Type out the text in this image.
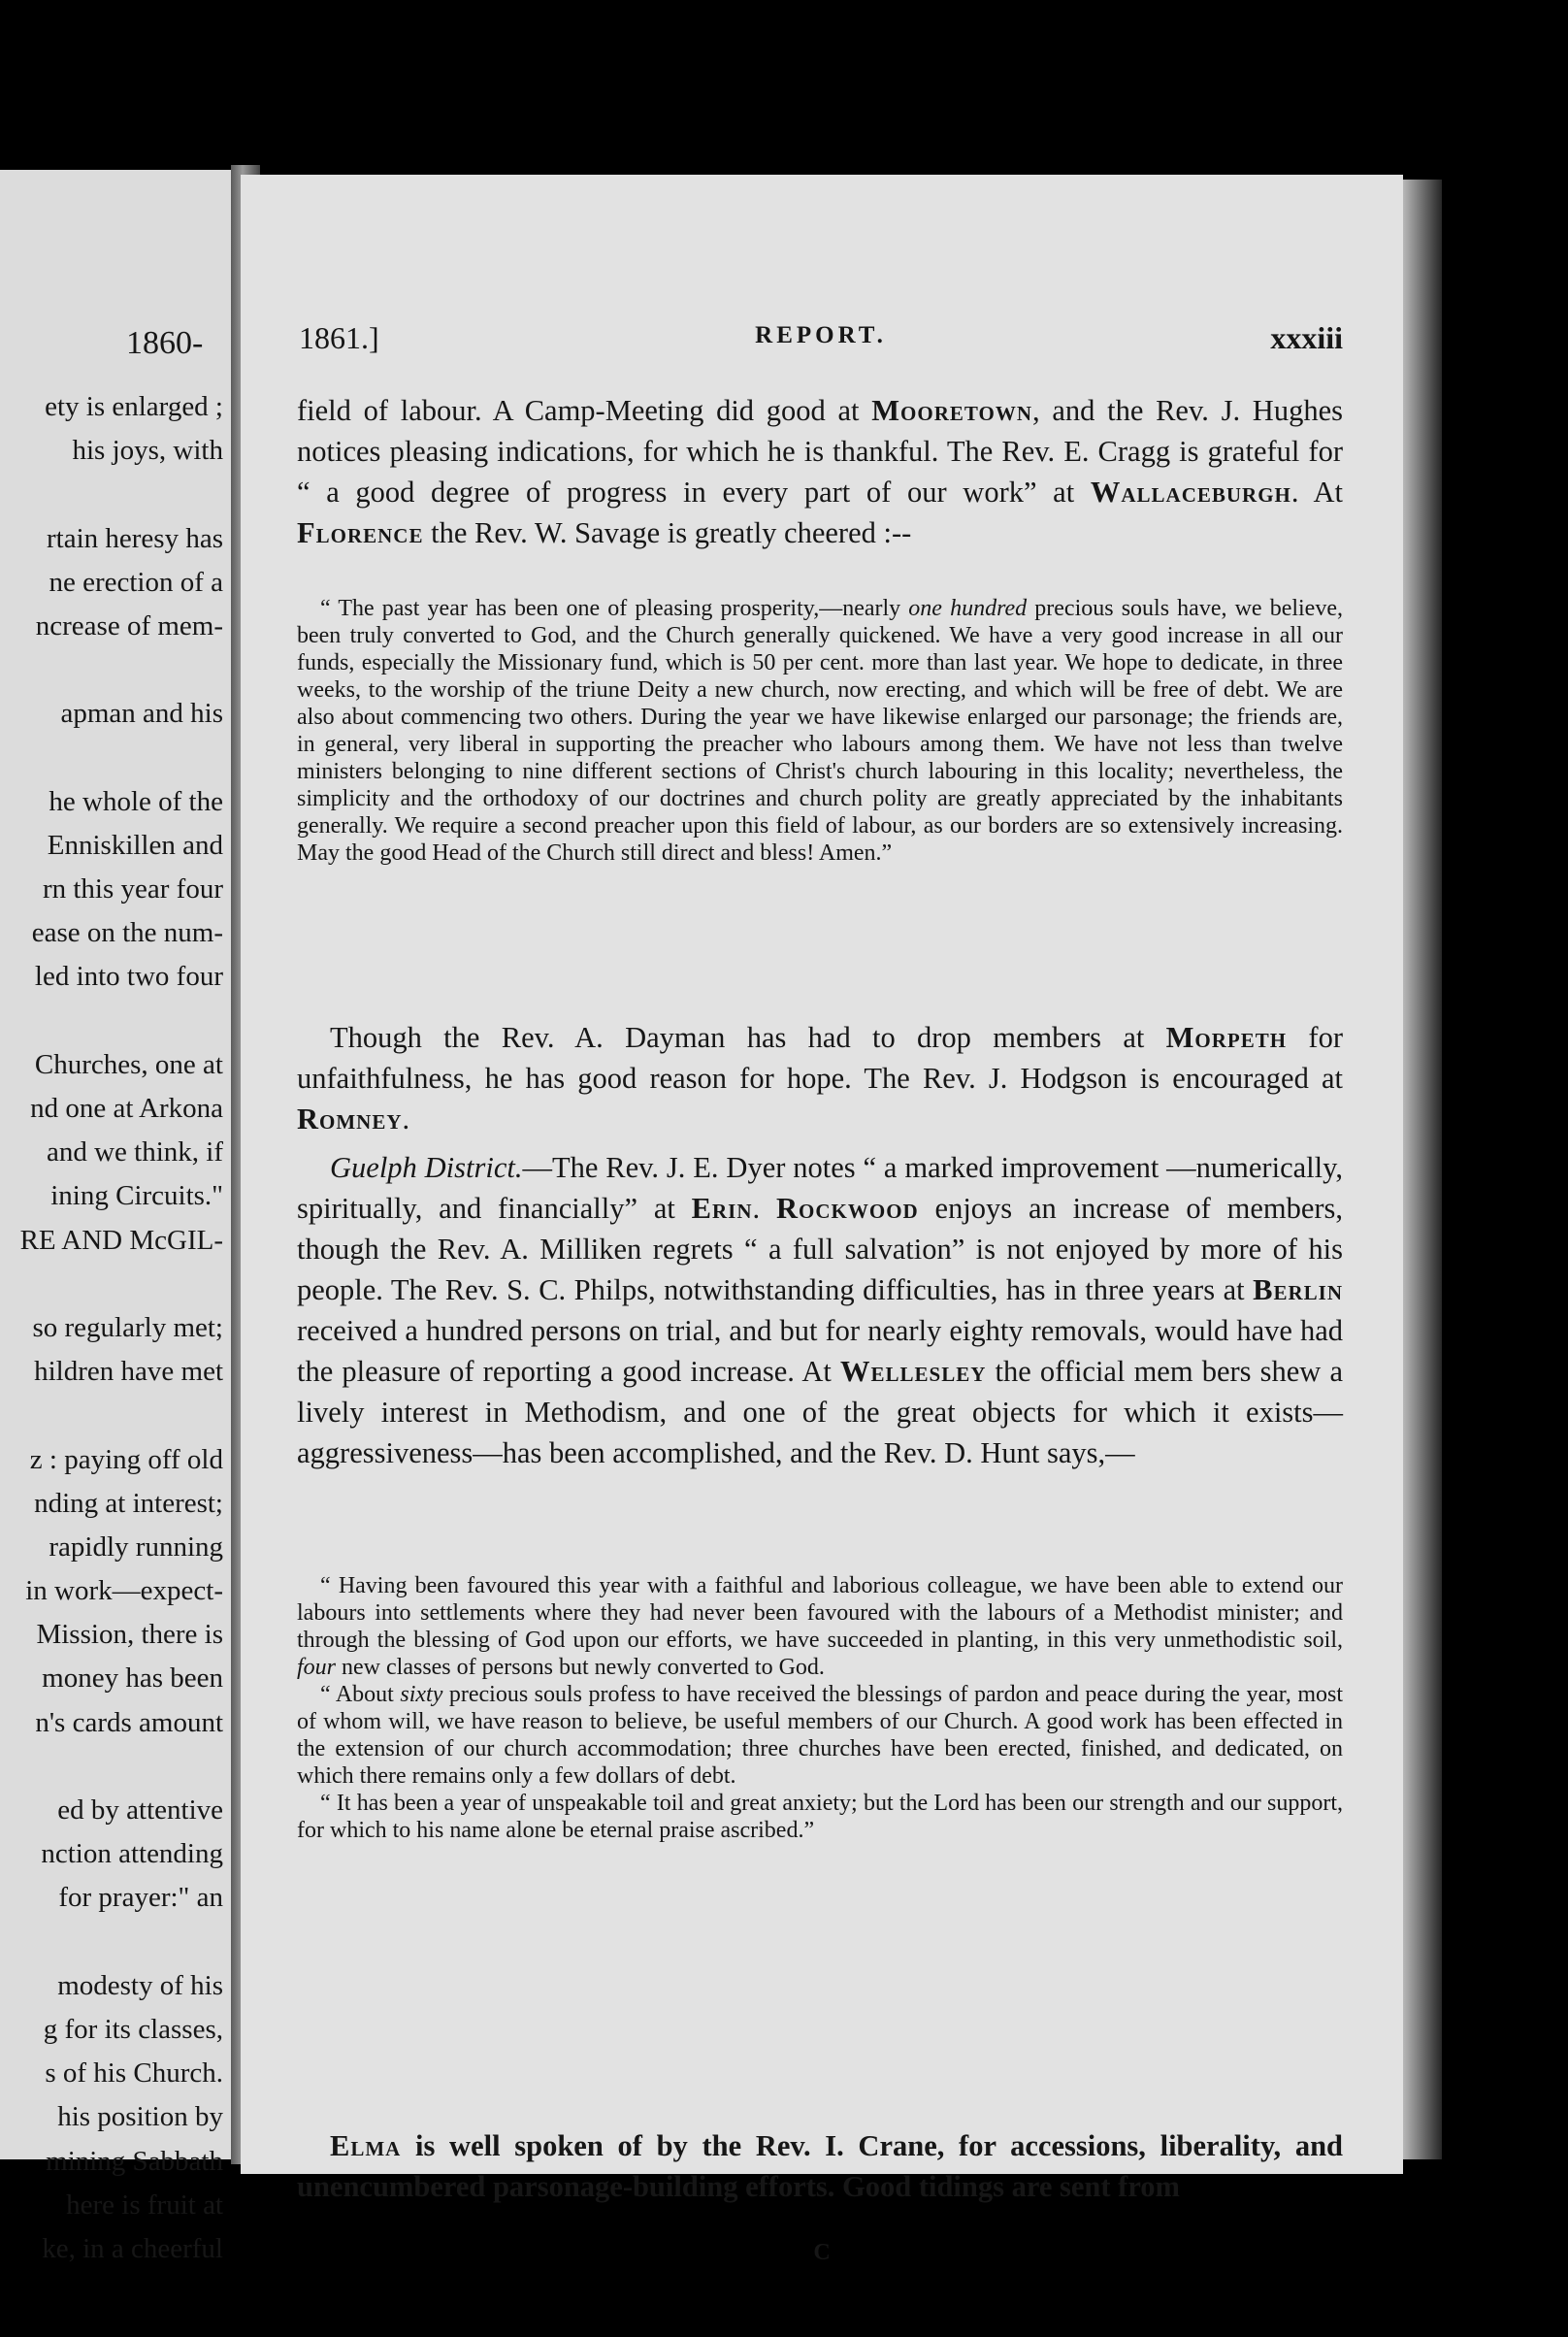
1860-

ety is enlarged ;

his joys, with

rtain heresy has

ne erection of a

ncrease of mem-

apman and his

he whole of the

Enniskillen and

rn this year four

ease on the num-

led into two four

Churches, one at

nd one at Arkona

and we think, if

ining Circuits."

RE AND McGIL-

so regularly met;

hildren have met

z : paying off old

nding at interest;

rapidly running

in work—expect-

Mission, there is

money has been

n's cards amount

ed by attentive

nction attending

for prayer:" an

modesty of his

g for its classes,

s of his Church.

his position by

mining Sabbath

here is fruit at

ke, in a cheerful

1861.]	REPORT.	xxxiii

field of labour. A Camp-Meeting did good at Mooretown, and the Rev. J. Hughes notices pleasing indications, for which he is thankful. The Rev. E. Cragg is grateful for “ a good degree of progress in every part of our work” at Wallaceburgh. At Florence the Rev. W. Savage is greatly cheered :--

“ The past year has been one of pleasing prosperity,—nearly one hundred precious souls have, we believe, been truly converted to God, and the Church generally quickened. We have a very good increase in all our funds, especially the Missionary fund, which is 50 per cent. more than last year. We hope to dedicate, in three weeks, to the worship of the triune Deity a new church, now erecting, and which will be free of debt. We are also about commencing two others. During the year we have likewise enlarged our parsonage; the friends are, in general, very liberal in supporting the preacher who labours among them. We have not less than twelve ministers belonging to nine different sections of Christ's church labouring in this locality; nevertheless, the simplicity and the orthodoxy of our doctrines and church polity are greatly appreciated by the inhabitants generally. We require a second preacher upon this field of labour, as our borders are so extensively increasing. May the good Head of the Church still direct and bless! Amen.”

Though the Rev. A. Dayman has had to drop members at Morpeth for unfaithfulness, he has good reason for hope. The Rev. J. Hodgson is encouraged at Romney.

Guelph District.—The Rev. J. E. Dyer notes “ a marked improvement —numerically, spiritually, and financially” at Erin. Rockwood enjoys an increase of members, though the Rev. A. Milliken regrets “ a full salvation” is not enjoyed by more of his people. The Rev. S. C. Philps, notwithstanding difficulties, has in three years at Berlin received a hundred persons on trial, and but for nearly eighty removals, would have had the pleasure of reporting a good increase. At Wellesley the official mem bers shew a lively interest in Methodism, and one of the great objects for which it exists—aggressiveness—has been accomplished, and the Rev. D. Hunt says,—

“ Having been favoured this year with a faithful and laborious colleague, we have been able to extend our labours into settlements where they had never been favoured with the labours of a Methodist minister; and through the blessing of God upon our efforts, we have succeeded in planting, in this very unmethodistic soil, four new classes of persons but newly converted to God.

“ About sixty precious souls profess to have received the blessings of pardon and peace during the year, most of whom will, we have reason to believe, be useful members of our Church. A good work has been effected in the extension of our church accommodation; three churches have been erected, finished, and dedicated, on which there remains only a few dollars of debt.

“ It has been a year of unspeakable toil and great anxiety; but the Lord has been our strength and our support, for which to his name alone be eternal praise ascribed.”

Elma is well spoken of by the Rev. I. Crane, for accessions, liberality, and unencumbered parsonage-building efforts. Good tidings are sent from

C
